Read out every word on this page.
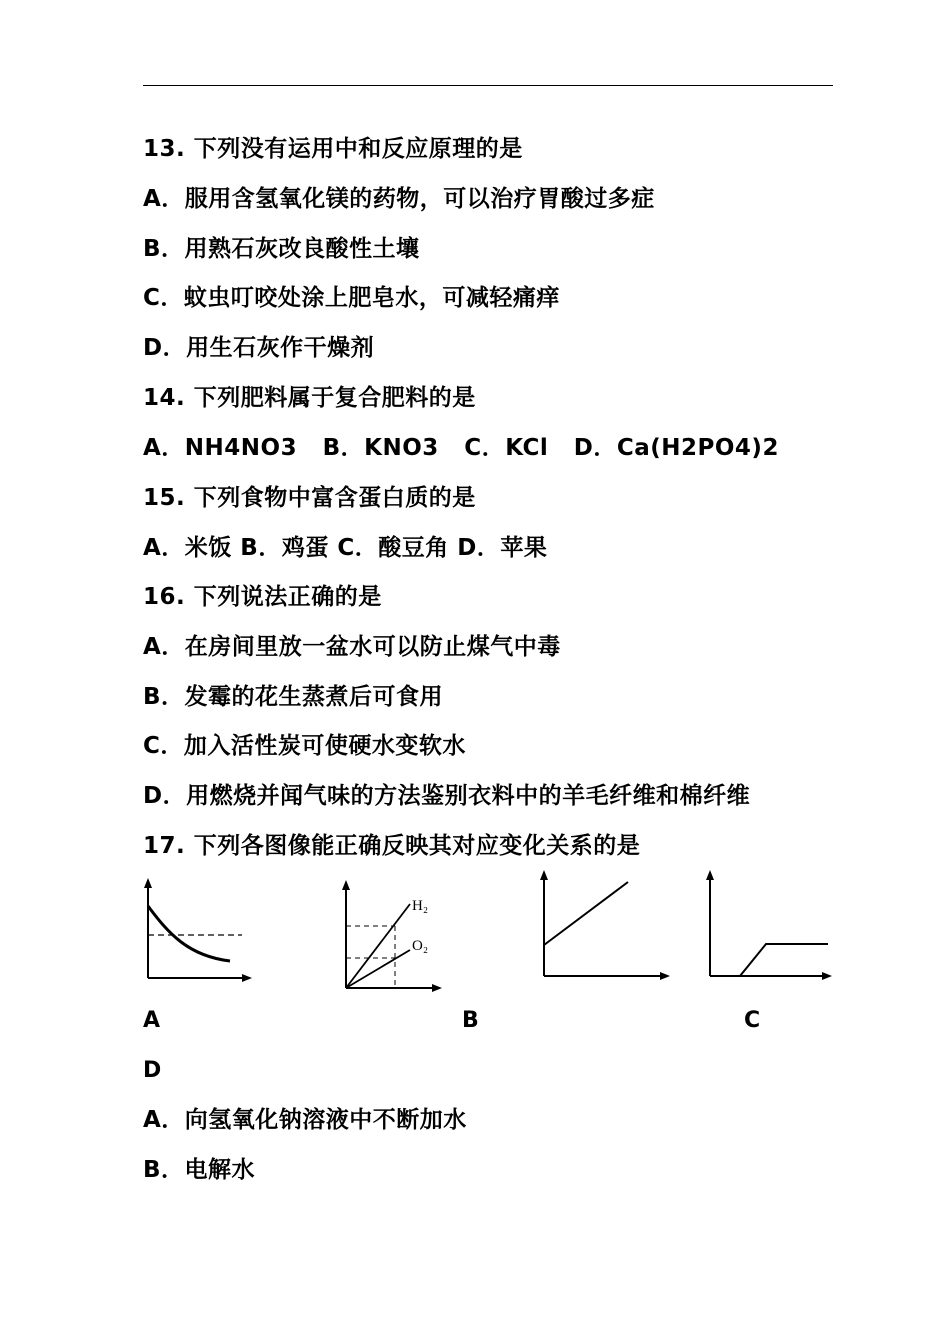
13. 下列没有运用中和反应原理的是
A．服用含氢氧化镁的药物，可以治疗胃酸过多症
B．用熟石灰改良酸性土壤
C．蚊虫叮咬处涂上肥皂水，可减轻痛痒
D．用生石灰作干燥剂
14. 下列肥料属于复合肥料的是
A．NH4NO3   B．KNO3   C．KCl   D．Ca(H2PO4)2
15. 下列食物中富含蛋白质的是
A．米饭 B．鸡蛋 C．酸豆角 D．苹果
16. 下列说法正确的是
A．在房间里放一盆水可以防止煤气中毒
B．发霉的花生蒸煮后可食用
C．加入活性炭可使硬水变软水
D．用燃烧并闻气味的方法鉴别衣料中的羊毛纤维和棉纤维
17. 下列各图像能正确反映其对应变化关系的是
H₂
O₂
A	B	C
D
A．向氢氧化钠溶液中不断加水
B．电解水
